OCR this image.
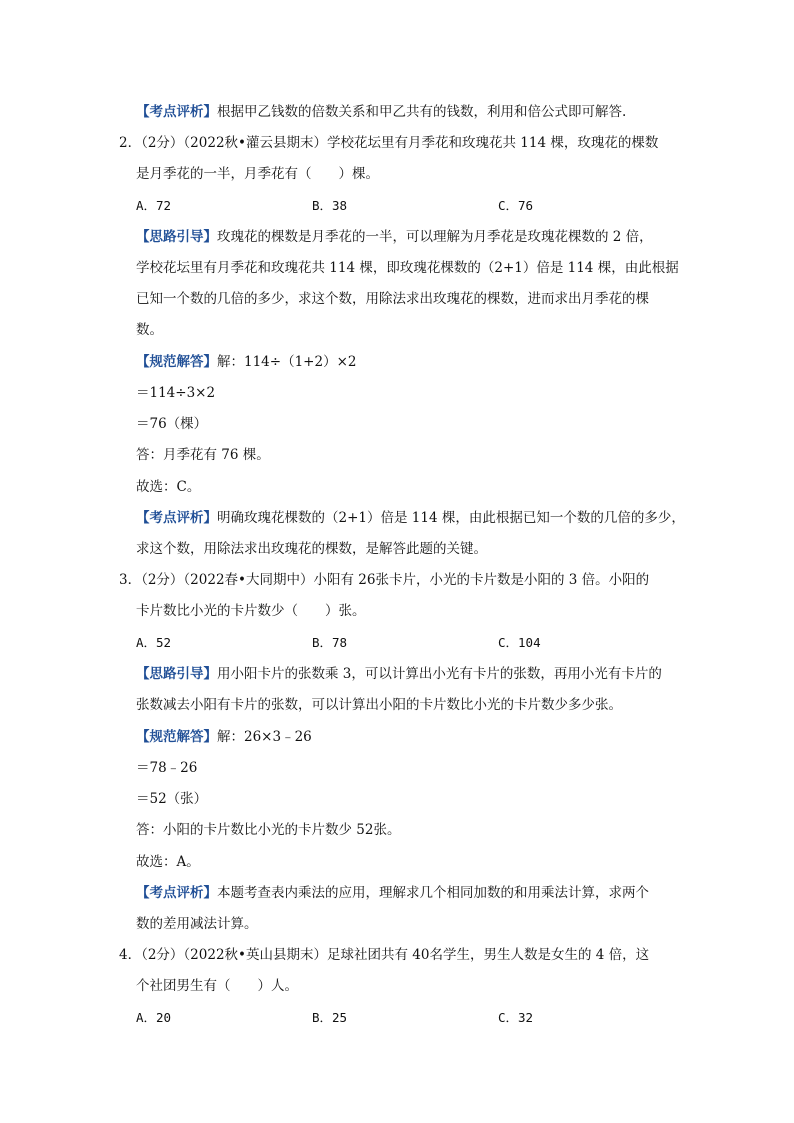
【考点评析】根据甲乙钱数的倍数关系和甲乙共有的钱数，利用和倍公式即可解答.
2．（2分）（2022秋•灌云县期末）学校花坛里有月季花和玫瑰花共 114 棵，玫瑰花的棵数
是月季花的一半，月季花有（　　）棵。
A．72	B．38	C．76
【思路引导】玫瑰花的棵数是月季花的一半，可以理解为月季花是玫瑰花棵数的 2 倍，
学校花坛里有月季花和玫瑰花共 114 棵，即玫瑰花棵数的（2+1）倍是 114 棵，由此根据
已知一个数的几倍的多少，求这个数，用除法求出玫瑰花的棵数，进而求出月季花的棵
数。
【规范解答】解：114÷（1+2）×2
＝114÷3×2
＝76（棵）
答：月季花有 76 棵。
故选：C。
【考点评析】明确玫瑰花棵数的（2+1）倍是 114 棵，由此根据已知一个数的几倍的多少，
求这个数，用除法求出玫瑰花的棵数，是解答此题的关键。
3．（2分）（2022春•大同期中）小阳有 26张卡片，小光的卡片数是小阳的 3 倍。小阳的
卡片数比小光的卡片数少（　　）张。
A．52	B．78	C．104
【思路引导】用小阳卡片的张数乘 3，可以计算出小光有卡片的张数，再用小光有卡片的
张数减去小阳有卡片的张数，可以计算出小阳的卡片数比小光的卡片数少多少张。
【规范解答】解：26×3﹣26
＝78﹣26
＝52（张）
答：小阳的卡片数比小光的卡片数少 52张。
故选：A。
【考点评析】本题考查表内乘法的应用，理解求几个相同加数的和用乘法计算，求两个
数的差用减法计算。
4．（2分）（2022秋•英山县期末）足球社团共有 40名学生，男生人数是女生的 4 倍，这
个社团男生有（　　）人。
A．20	B．25	C．32
